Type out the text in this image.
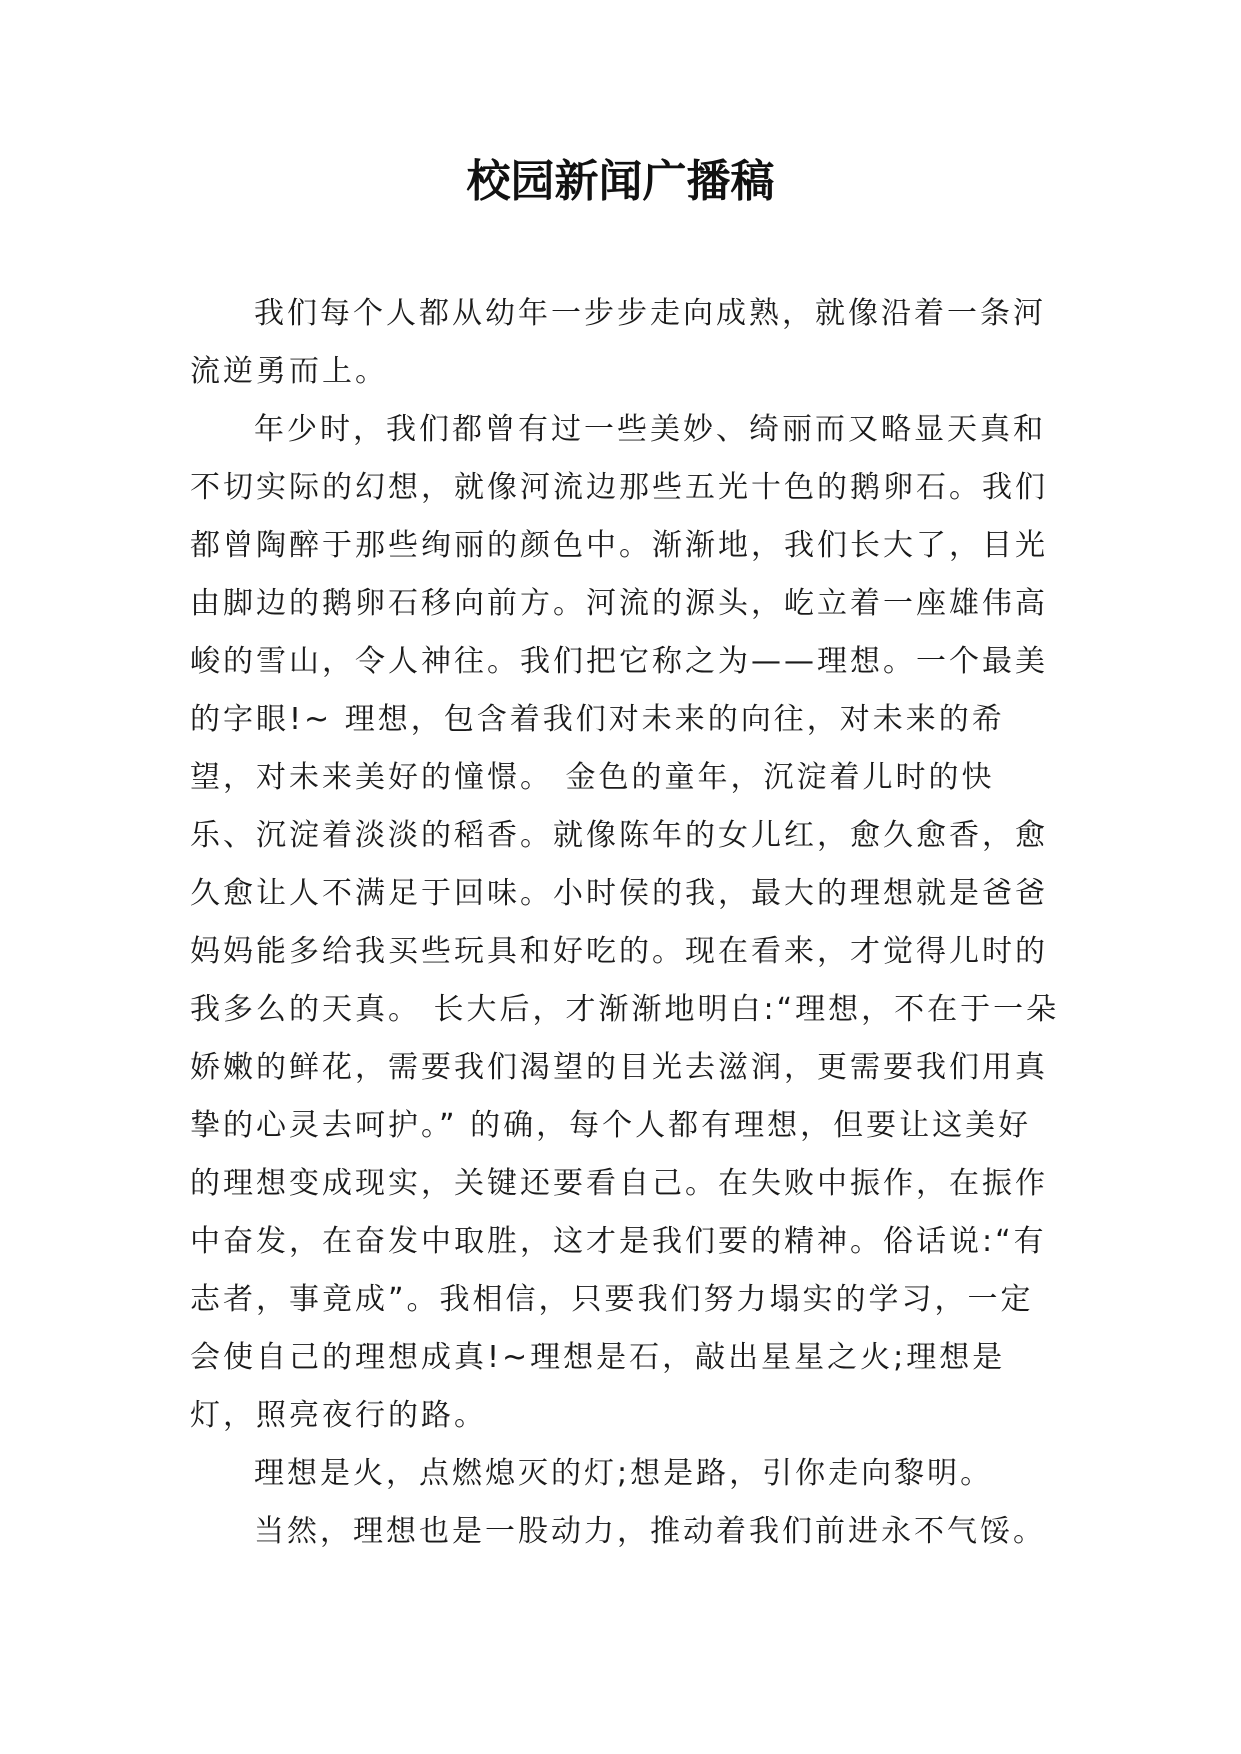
校园新闻广播稿

我们每个人都从幼年一步步走向成熟，就像沿着一条河流逆勇而上。

年少时，我们都曾有过一些美妙、绮丽而又略显天真和不切实际的幻想，就像河流边那些五光十色的鹅卵石。我们都曾陶醉于那些绚丽的颜色中。渐渐地，我们长大了，目光由脚边的鹅卵石移向前方。河流的源头，屹立着一座雄伟高峻的雪山，令人神往。我们把它称之为——理想。一个最美的字眼!~ 理想，包含着我们对未来的向往，对未来的希望，对未来美好的憧憬。 金色的童年，沉淀着儿时的快乐、沉淀着淡淡的稻香。就像陈年的女儿红，愈久愈香，愈久愈让人不满足于回味。小时侯的我，最大的理想就是爸爸妈妈能多给我买些玩具和好吃的。现在看来，才觉得儿时的我多么的天真。 长大后，才渐渐地明白:“理想，不在于一朵娇嫩的鲜花，需要我们渴望的目光去滋润，更需要我们用真挚的心灵去呵护。” 的确，每个人都有理想，但要让这美好的理想变成现实，关键还要看自己。在失败中振作，在振作中奋发，在奋发中取胜，这才是我们要的精神。俗话说:“有志者，事竟成”。我相信，只要我们努力塌实的学习，一定会使自己的理想成真!~理想是石，敲出星星之火;理想是灯，照亮夜行的路。

理想是火，点燃熄灭的灯;想是路，引你走向黎明。

当然，理想也是一股动力，推动着我们前进永不气馁。
